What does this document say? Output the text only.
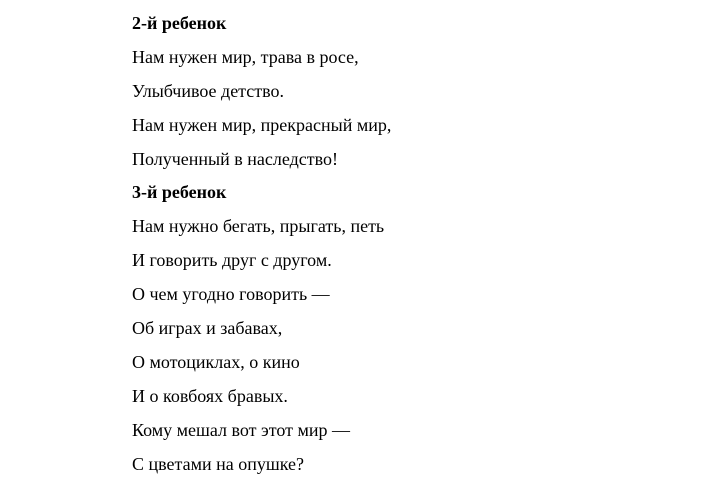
2-й ребенок
Нам нужен мир, трава в росе,
Улыбчивое детство.
Нам нужен мир, прекрасный мир,
Полученный в наследство!
3-й ребенок
Нам нужно бегать, прыгать, петь
И говорить друг с другом.
О чем угодно говорить —
Об играх и забавах,
О мотоциклах, о кино
И о ковбоях бравых.
Кому мешал вот этот мир —
С цветами на опушке?
